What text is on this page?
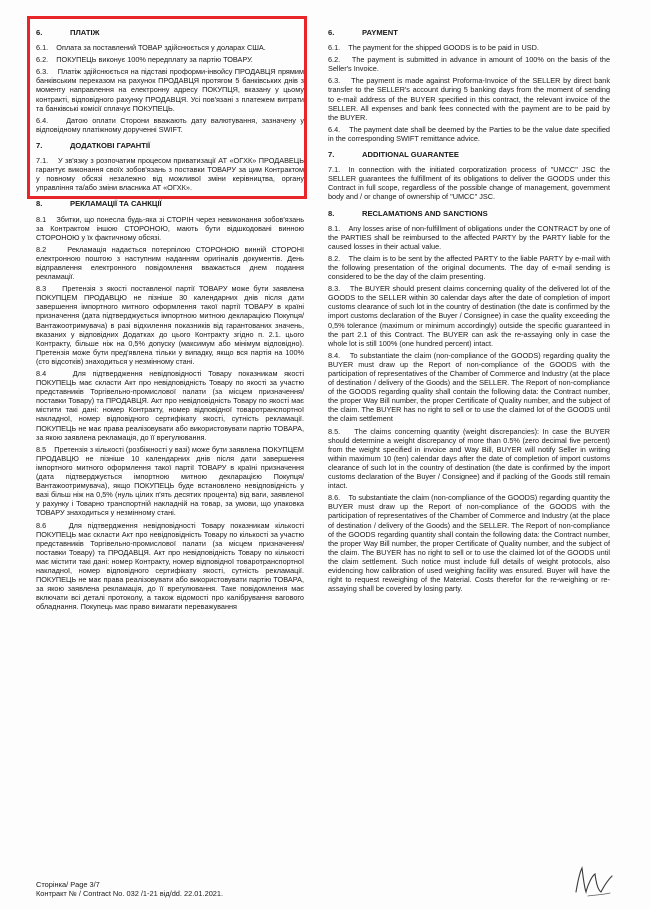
6.	ПЛАТІЖ

6.1.    Оплата за поставлений ТОВАР здійснюється у доларах США.

6.2.    ПОКУПЕЦЬ виконує 100% передплату за партію ТОВАРУ.

6.3.    Платіж здійснюється на підставі проформи-інвойсу ПРОДАВЦЯ прямим банківським переказом на рахунок ПРОДАВЦЯ протягом 5 банківських днів з моменту направлення на електронну адресу ПОКУПЦЯ, вказану у цьому контракті, відповідного рахунку ПРОДАВЦЯ. Усі пов'язані з платежем витрати та банківські комісії сплачує ПОКУПЕЦЬ.

6.4.    Датою оплати Сторони вважають дату валютування, зазначену у відповідному платіжному дорученні SWIFT.

7.	ДОДАТКОВІ ГАРАНТІЇ

7.1.    У зв'язку з розпочатим процесом приватизації АТ «ОГХК» ПРОДАВЕЦЬ гарантує виконання своїх зобов'язань з поставки ТОВАРУ за цим Контрактом у повному обсязі незалежно від можливої зміни керівництва, органу управління та/або зміни власника АТ «ОГХК».

8.	РЕКЛАМАЦІЇ ТА САНКЦІЇ

8.1    Збитки, що понесла будь-яка зі СТОРІН через невиконання зобов'язань за Контрактом іншою СТОРОНОЮ, мають бути відшкодовані винною СТОРОНОЮ у їх фактичному обсязі.

8.2    Рекламація надається потерпілою СТОРОНОЮ винній СТОРОНІ електронною поштою з наступним наданням оригіналів документів. День відправлення електронного повідомлення вважається днем подання рекламації.

8.3    Претензія з якості поставленої партії ТОВАРУ може бути заявлена ПОКУПЦЕМ ПРОДАВЦЮ не пізніше 30 календарних днів після дати завершення імпортного митного оформлення такої партії ТОВАРУ в країні призначення (дата підтверджується імпортною митною декларацією Покупця/ Вантажоотримувача) в разі відхилення показників від гарантованих значень, вказаних у відповідних Додатках до цього Контракту згідно п. 2.1. цього Контракту, більше ніж на 0,5% допуску (максимум або мінімум відповідно). Претензія може бути пред'явлена тільки у випадку, якщо вся партія на 100% (сто відсотків) знаходиться у незмінному стані.

8.4    Для підтвердження невідповідності Товару показникам якості ПОКУПЕЦЬ має скласти Акт про невідповідність Товару по якості за участю представників Торгівельно-промислової палати (за місцем призначення/поставки Товару) та ПРОДАВЦЯ. Акт про невідповідність Товару по якості має містити такі дані: номер Контракту, номер відповідної товаротранспортної накладної, номер відповідного сертифікату якості, сутність рекламації. ПОКУПЕЦЬ не має права реалізовувати або використовувати партію ТОВАРА, за якою заявлена рекламація, до її врегулювання.

8.5    Претензія з кількості (розбіжності у вазі) може бути заявлена ПОКУПЦЕМ ПРОДАВЦЮ не пізніше 10 календарних днів після дати завершення імпортного митного оформлення такої партії ТОВАРУ в країні призначення (дата підтверджується імпортною митною декларацією Покупця/ Вантажоотримувача), якщо ПОКУПЕЦЬ буде встановлено невідповідність у вазі більш ніж на 0,5% (нуль цілих п'ять десятих процента) від ваги, заявленої у рахунку і Товарно транспортній накладній на товар, за умови, що упаковка ТОВАРУ знаходиться у незмінному стані.

8.6    Для підтвердження невідповідності Товару показникам кількості ПОКУПЕЦЬ має скласти Акт про невідповідність Товару по кількості за участю представників Торгівельно-промислової палати (за місцем призначення/поставки Товару) та ПРОДАВЦЯ. Акт про невідповідність Товару по кількості має містити такі дані: номер Контракту, номер відповідної товаротранспортної накладної, номер відповідного сертифікату якості, сутність рекламації. ПОКУПЕЦЬ не має права реалізовувати або використовувати партію ТОВАРА, за якою заявлена рекламація, до її врегулювання. Таке повідомлення має включати всі деталі протоколу, а також відомості про калібрування вагового обладнання. Покупець має право вимагати переважування

6.	PAYMENT

6.1.    The payment for the shipped GOODS is to be paid in USD.

6.2.    The payment is submitted in advance in amount of 100% on the basis of the Seller's Invoice.

6.3.    The payment is made against Proforma-Invoice of the SELLER by direct bank transfer to the SELLER's account during 5 banking days from the moment of sending to e-mail address of the BUYER specified in this contract, the relevant invoice of the SELLER. All expenses and bank fees connected with the payment are to be paid by the BUYER.

6.4.    The payment date shall be deemed by the Parties to be the value date specified in the corresponding SWIFT remittance advice.

7.	ADDITIONAL GUARANTEE

7.1.  In connection with the initiated corporatization process of "UMCC" JSC the SELLER guarantees the fulfillment of its obligations to deliver the GOODS under this Contract in full scope, regardless of the possible change of management, government body and / or change of ownership of "UMCC" JSC.

8.	RECLAMATIONS AND SANCTIONS

8.1.    Any losses arise of non-fulfillment of obligations under the CONTRACT by one of the PARTIES shall be reimbursed to the affected PARTY by the PARTY liable for the caused losses in their actual value.

8.2.    The claim is to be sent by the affected PARTY to the liable PARTY by e-mail with the following presentation of the original documents. The day of e-mail sending is considered to be the day of the claim presenting.

8.3.    The BUYER should present claims concerning quality of the delivered lot of the GOODS to the SELLER within 30 calendar days after the date of completion of import customs clearance of such lot in the country of destination (the date is confirmed by the import customs declaration of the Buyer / Consignee) in case the quality exceeding the 0,5% tolerance (maximum or minimum accordingly) outside the specific guaranteed in the part 2.1 of this Contract. The BUYER can ask the re-assaying only in case the whole lot is still 100% (one hundred percent) intact.

8.4.    To substantiate the claim (non-compliance of the GOODS) regarding quality the BUYER must draw up the Report of non-compliance of the GOODS with the participation of representatives of the Chamber of Commerce and Industry (at the place of destination / delivery of the Goods) and the SELLER. The Report of non-compliance of the GOODS regarding quality shall contain the following data: the Contract number, the proper Way Bill number, the proper Certificate of Quality number, and the subject of the claim. The BUYER has no right to sell or to use the claimed lot of the GOODS until the claim settlement

8.5.    The claims concerning quantity (weight discrepancies): In case the BUYER should determine a weight discrepancy of more than 0.5% (zero decimal five percent) from the weight specified in invoice and Way Bill, BUYER will notify Seller in writing within maximum 10 (ten) calendar days after the date of completion of import customs clearance of such lot in the country of destination (the date is confirmed by the import customs declaration of the Buyer / Consignee) and if packing of the Goods still remain intact.

8.6.    To substantiate the claim (non-compliance of the GOODS) regarding quantity the BUYER must draw up the Report of non-compliance of the GOODS with the participation of representatives of the Chamber of Commerce and Industry (at the place of destination / delivery of the Goods) and the SELLER. The Report of non-compliance of the GOODS regarding quantity shall contain the following data: the Contract number, the proper Way Bill number, the proper Certificate of Quality number, and the subject of the claim. The BUYER has no right to sell or to use the claimed lot of the GOODS until the claim settlement. Such notice must include full details of weight protocols, also evidencing how calibration of used weighing facility was ensured. Buyer will have the right to request reweighing of the Material. Costs therefor for the re-weighing or re-assaying shall be covered by losing party.

Сторінка/ Page 3/7
Контракт № / Contract No. 032 /1-21 від/dd. 22.01.2021.
